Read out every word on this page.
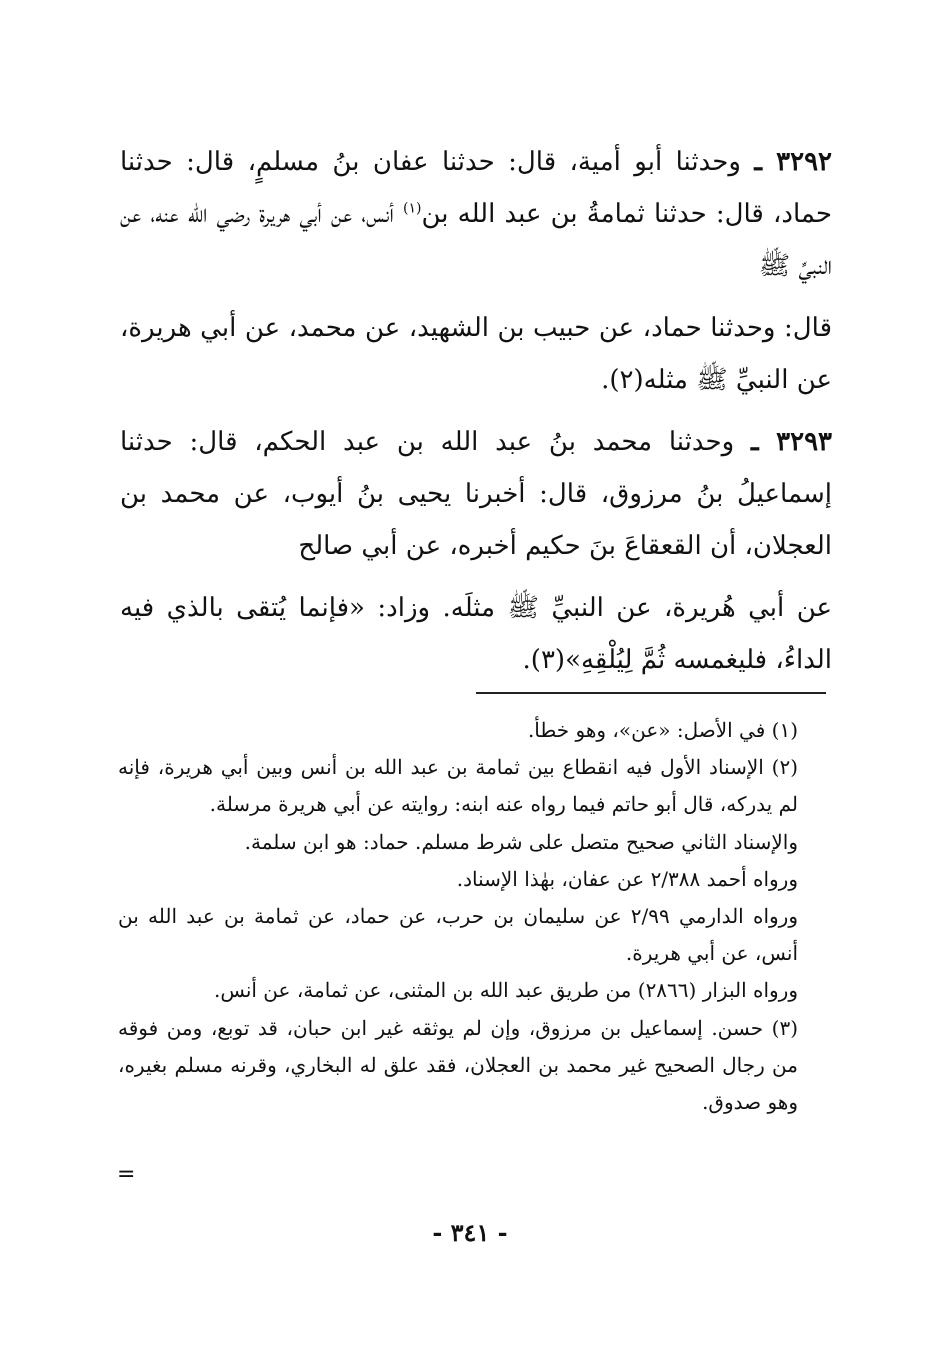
٣٢٩٢ ـ وحدثنا أبو أمية، قال: حدثنا عفان بنُ مسلمٍ، قال: حدثنا حماد، قال: حدثنا ثمامةُ بن عبد الله بن$^{(١)}$ أنس، عن أبي هريرة رضي الله عنه، عن النبيِّ ﷺ

قال: وحدثنا حماد، عن حبيب بن الشهيد، عن محمد، عن أبي هريرة، عن النبيِّ ﷺ مثله(٢).

٣٢٩٣ ـ وحدثنا محمد بنُ عبد الله بن عبد الحكم، قال: حدثنا إسماعيلُ بنُ مرزوق، قال: أخبرنا يحيى بنُ أيوب، عن محمد بن العجلان، أن القعقاعَ بنَ حكيم أخبره، عن أبي صالح

عن أبي هُريرة، عن النبيِّ ﷺ مثلَه. وزاد: «فإنما يُتقى بالذي فيه الداءُ، فليغمسه ثُمَّ لِيُلْقِهِ»(٣).

(١) في الأصل: «عن»، وهو خطأ.

(٢) الإسناد الأول فيه انقطاع بين ثمامة بن عبد الله بن أنس وبين أبي هريرة، فإنه لم يدركه، قال أبو حاتم فيما رواه عنه ابنه: روايته عن أبي هريرة مرسلة.

والإسناد الثاني صحيح متصل على شرط مسلم. حماد: هو ابن سلمة.

ورواه أحمد ٢/٣٨٨ عن عفان، بهٰذا الإسناد.

ورواه الدارمي ٢/٩٩ عن سليمان بن حرب، عن حماد، عن ثمامة بن عبد الله بن أنس، عن أبي هريرة.

ورواه البزار (٢٨٦٦) من طريق عبد الله بن المثنى، عن ثمامة، عن أنس.

(٣) حسن. إسماعيل بن مرزوق، وإن لم يوثقه غير ابن حبان، قد توبع، ومن فوقه من رجال الصحيح غير محمد بن العجلان، فقد علق له البخاري، وقرنه مسلم بغيره، وهو صدوق.

=
- ٣٤١ -
